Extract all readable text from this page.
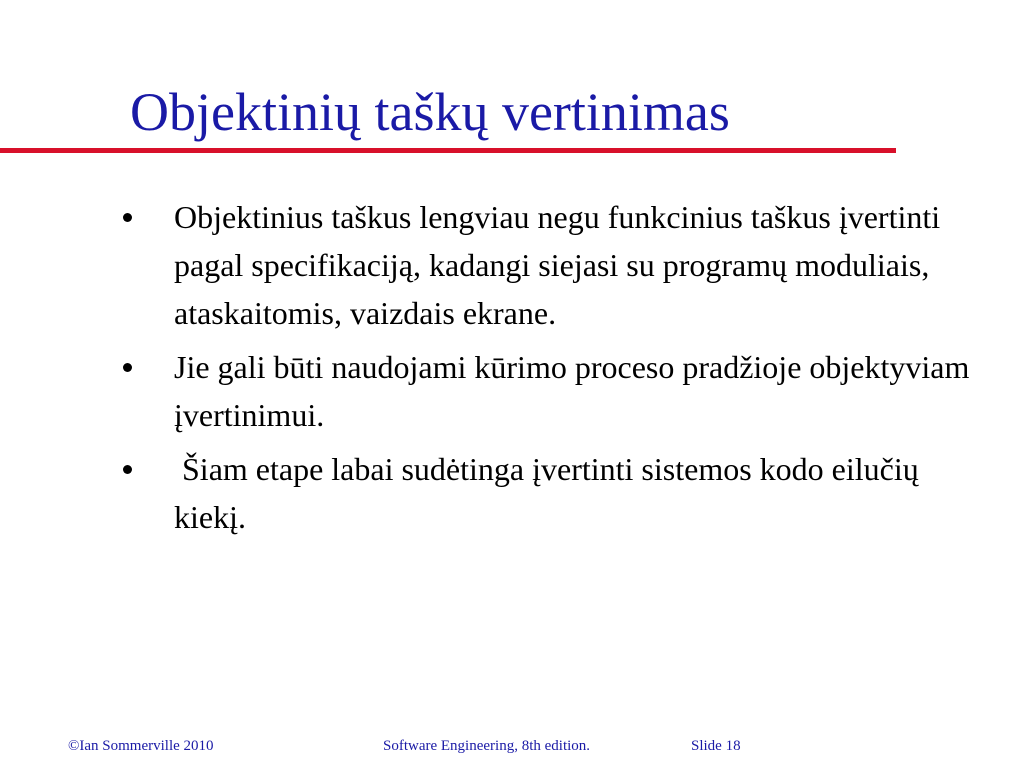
Objektinių taškų vertinimas
Objektinius taškus lengviau negu funkcinius taškus įvertinti pagal specifikaciją, kadangi siejasi su programų moduliais, ataskaitomis, vaizdais ekrane.
Jie gali būti naudojami kūrimo proceso pradžioje objektyviam įvertinimui.
Šiam etape labai sudėtinga įvertinti sistemos kodo eilučių kiekį.
©Ian Sommerville 2010	Software Engineering, 8th edition.	Slide 18
